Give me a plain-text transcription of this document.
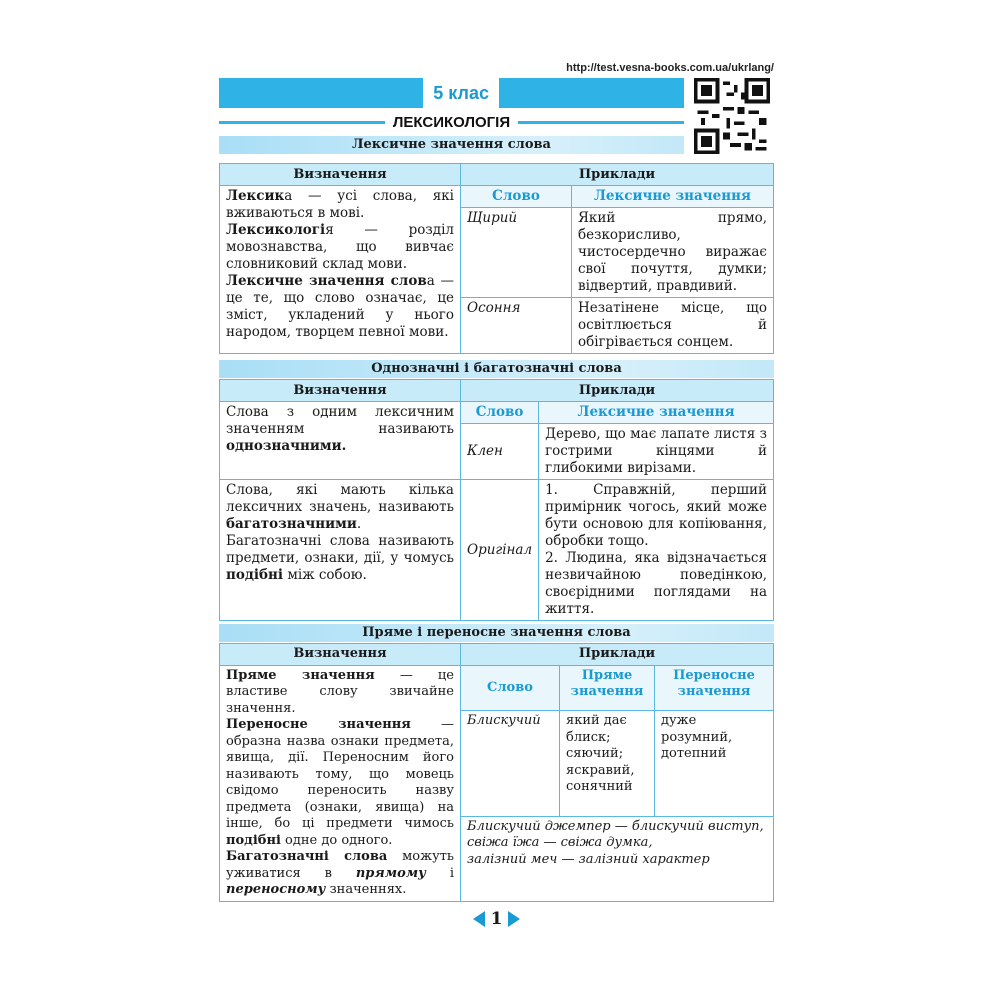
http://test.vesna-books.com.ua/ukrlang/
5 клас
ЛЕКСИКОЛОГІЯ
Лексичне значення слова
Визначення	Приклади	
Лексика — усі слова, які вживаються в мові.
Лексикологія — розділ мовознавства, що вивчає словниковий склад мови.
Лексичне значення слова — це те, що слово означає, це зміст, укладений у нього народом, творцем певної мови.	Слово	Лексичне значення
	Щирий	Який прямо, безкорисливо, чистосердечно виражає свої почуття, думки; відвертий, правдивий.
	Осоння	Незатінене місце, що освітлюється й обігрівається сонцем.
Однозначні і багатозначні слова
Визначення	Приклади	
Слова з одним лексичним значенням називають однозначними.	Слово	Лексичне значення
	Клен	Дерево, що має лапате листя з гострими кінцями й глибокими вирізами.
Слова, які мають кілька лексичних значень, називають багатозначними. Багатозначні слова називають предмети, ознаки, дії, у чомусь подібні між собою.	Оригінал	1. Справжній, перший примірник чогось, який може бути основою для копіювання, обробки тощо.
2. Людина, яка відзначається незвичайною поведінкою, своєрідними поглядами на життя.
Пряме і переносне значення слова
Визначення	Приклади		
Пряме значення — це властиве слову звичайне значення.
Переносне значення — образна назва ознаки предмета, явища, дії. Переносним його називають тому, що мовець свідомо переносить назву предмета (ознаки, явища) на інше, бо ці предмети чимось подібні одне до одного.
Багатозначні слова можуть уживатися в прямому і переносному значеннях.	Слово	Пряме значення	Переносне значення
	Блискучий	який дає блиск; сяючий; яскравий, сонячний	дуже розумний, дотепний
	Блискучий джемпер — блискучий виступ,
свіжа їжа — свіжа думка,
залізний меч — залізний характер		
1
